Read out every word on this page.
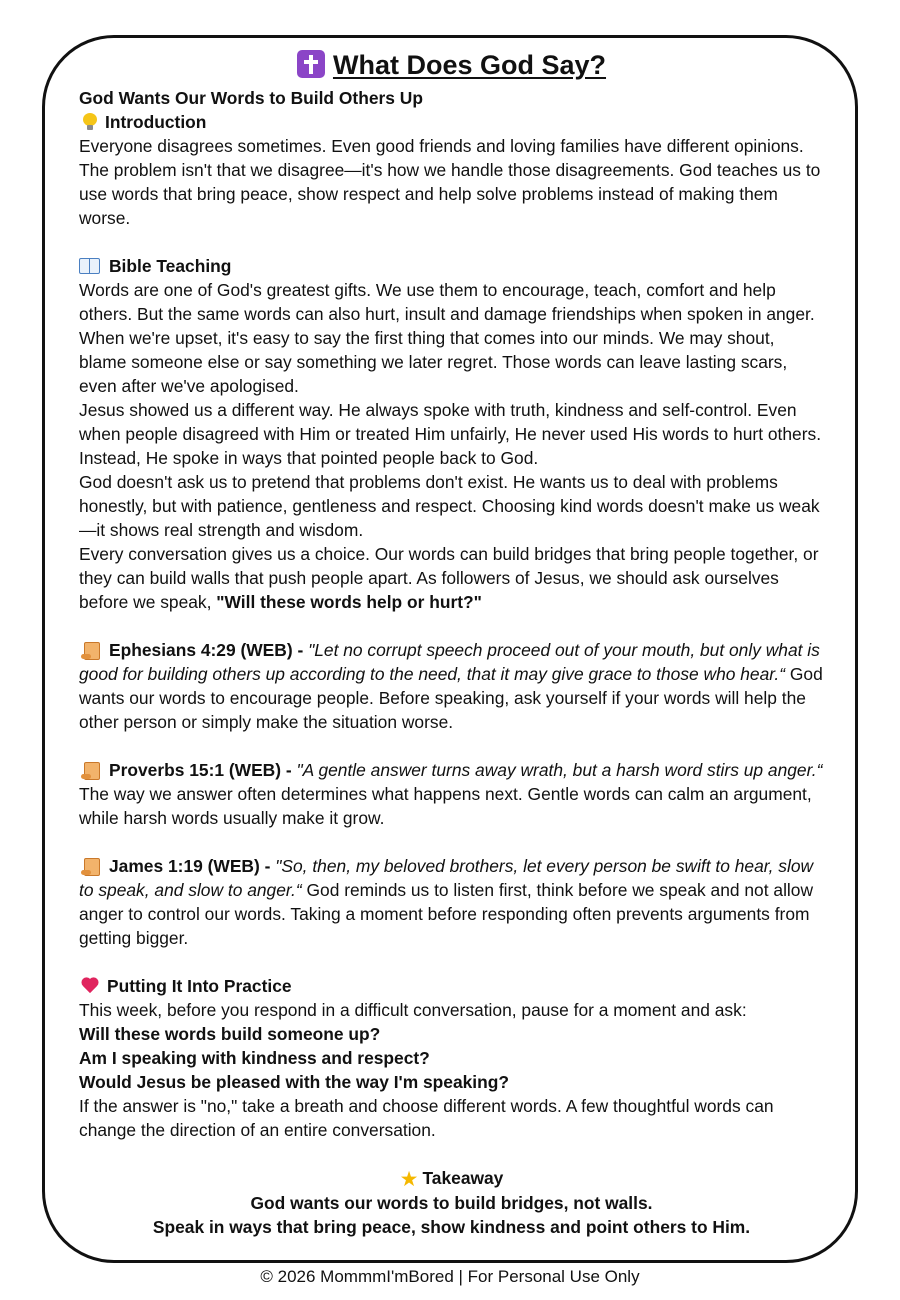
What Does God Say?

God Wants Our Words to Build Others Up

Introduction

Everyone disagrees sometimes. Even good friends and loving families have different opinions. The problem isn't that we disagree—it's how we handle those disagreements. God teaches us to use words that bring peace, show respect and help solve problems instead of making them worse.

Bible Teaching

Words are one of God's greatest gifts. We use them to encourage, teach, comfort and help others. But the same words can also hurt, insult and damage friendships when spoken in anger.

When we're upset, it's easy to say the first thing that comes into our minds. We may shout, blame someone else or say something we later regret. Those words can leave lasting scars, even after we've apologised.

Jesus showed us a different way. He always spoke with truth, kindness and self-control. Even when people disagreed with Him or treated Him unfairly, He never used His words to hurt others. Instead, He spoke in ways that pointed people back to God.

God doesn't ask us to pretend that problems don't exist. He wants us to deal with problems honestly, but with patience, gentleness and respect. Choosing kind words doesn't make us weak—it shows real strength and wisdom.

Every conversation gives us a choice. Our words can build bridges that bring people together, or they can build walls that push people apart. As followers of Jesus, we should ask ourselves before we speak, "Will these words help or hurt?"

Ephesians 4:29 (WEB) - "Let no corrupt speech proceed out of your mouth, but only what is good for building others up according to the need, that it may give grace to those who hear.“ God wants our words to encourage people. Before speaking, ask yourself if your words will help the other person or simply make the situation worse.

Proverbs 15:1 (WEB) - "A gentle answer turns away wrath, but a harsh word stirs up anger.“ The way we answer often determines what happens next. Gentle words can calm an argument, while harsh words usually make it grow.

James 1:19 (WEB) - "So, then, my beloved brothers, let every person be swift to hear, slow to speak, and slow to anger.“ God reminds us to listen first, think before we speak and not allow anger to control our words. Taking a moment before responding often prevents arguments from getting bigger.

Putting It Into Practice

This week, before you respond in a difficult conversation, pause for a moment and ask:

Will these words build someone up?

Am I speaking with kindness and respect?

Would Jesus be pleased with the way I'm speaking?

If the answer is "no," take a breath and choose different words. A few thoughtful words can change the direction of an entire conversation.

★ Takeaway

God wants our words to build bridges, not walls.

Speak in ways that bring peace, show kindness and point others to Him.

© 2026 MommmI'mBored | For Personal Use Only
